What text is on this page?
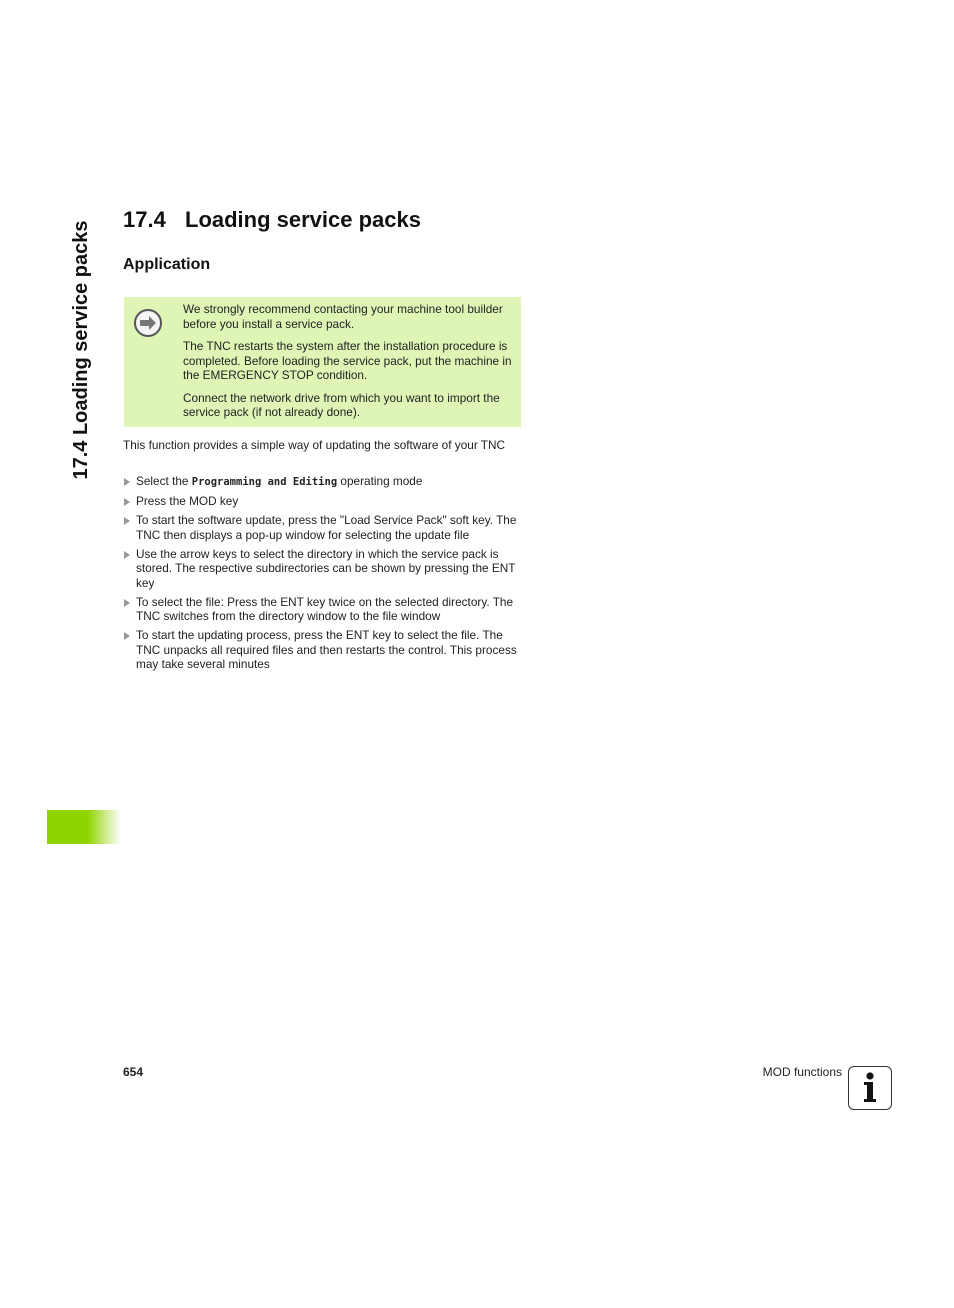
17.4 Loading service packs
17.4 Loading service packs
Application

We strongly recommend contacting your machine tool builder before you install a service pack.

The TNC restarts the system after the installation procedure is completed. Before loading the service pack, put the machine in the EMERGENCY STOP condition.

Connect the network drive from which you want to import the service pack (if not already done).

This function provides a simple way of updating the software of your TNC

Select the Programming and Editing operating mode
Press the MOD key
To start the software update, press the "Load Service Pack" soft key. The TNC then displays a pop-up window for selecting the update file
Use the arrow keys to select the directory in which the service pack is stored. The respective subdirectories can be shown by pressing the ENT key
To select the file: Press the ENT key twice on the selected directory. The TNC switches from the directory window to the file window
To start the updating process, press the ENT key to select the file. The TNC unpacks all required files and then restarts the control. This process may take several minutes
654	MOD functions
